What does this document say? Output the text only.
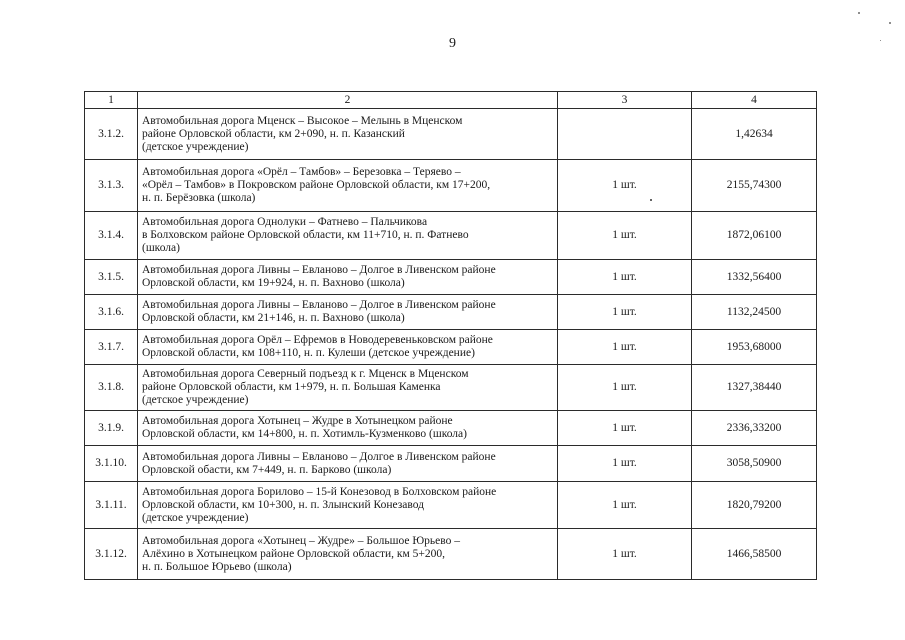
9
1	2	3	4
3.1.2.	Автомобильная дорога Мценск – Высокое – Мелынь в Мценском
районе Орловской области, км 2+090, н. п. Казанский
(детское учреждение)		1,42634
3.1.3.	Автомобильная дорога «Орёл – Тамбов» – Березовка – Теряево –
«Орёл – Тамбов» в Покровском районе Орловской области, км 17+200,
н. п. Берёзовка (школа)	1 шт.	2155,74300
3.1.4.	Автомобильная дорога Однолуки – Фатнево – Пальчикова
в Болховском районе Орловской области, км 11+710, н. п. Фатнево
(школа)	1 шт.	1872,06100
3.1.5.	Автомобильная дорога Ливны – Евланово – Долгое в Ливенском районе
Орловской области, км 19+924, н. п. Вахново (школа)	1 шт.	1332,56400
3.1.6.	Автомобильная дорога Ливны – Евланово – Долгое в Ливенском районе
Орловской области, км 21+146, н. п. Вахново (школа)	1 шт.	1132,24500
3.1.7.	Автомобильная дорога Орёл – Ефремов в Новодеревеньковском районе
Орловской области, км 108+110, н. п. Кулеши (детское учреждение)	1 шт.	1953,68000
3.1.8.	Автомобильная дорога Северный подъезд к г. Мценск в Мценском
районе Орловской области, км 1+979, н. п. Большая Каменка
(детское учреждение)	1 шт.	1327,38440
3.1.9.	Автомобильная дорога Хотынец – Жудре в Хотынецком районе
Орловской области, км 14+800, н. п. Хотимль-Кузменково (школа)	1 шт.	2336,33200
3.1.10.	Автомобильная дорога Ливны – Евланово – Долгое в Ливенском районе
Орловской обасти, км 7+449, н. п. Барково (школа)	1 шт.	3058,50900
3.1.11.	Автомобильная дорога Борилово – 15-й Конезовод в Болховском районе
Орловской области, км 10+300, н. п. Злынский Конезавод
(детское учреждение)	1 шт.	1820,79200
3.1.12.	Автомобильная дорога «Хотынец – Жудре» – Большое Юрьево –
Алёхино в Хотынецком районе Орловской области, км 5+200,
н. п. Большое Юрьево (школа)	1 шт.	1466,58500
